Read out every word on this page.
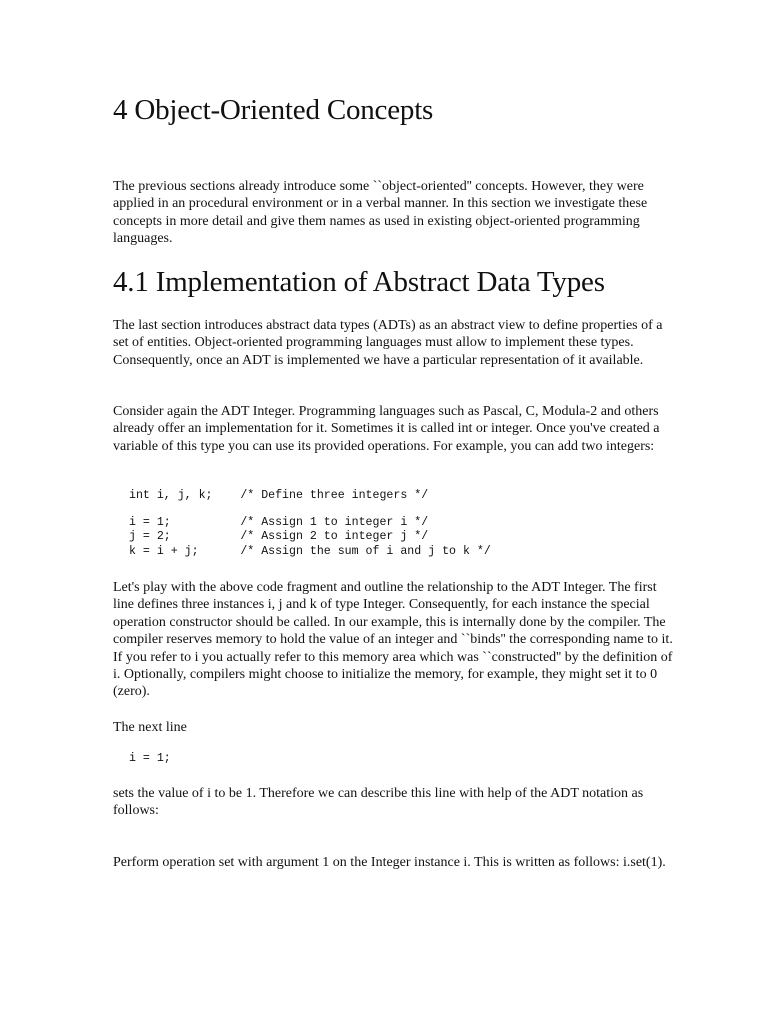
4 Object-Oriented Concepts

The previous sections already introduce some ``object-oriented'' concepts. However, they were applied in an procedural environment or in a verbal manner. In this section we investigate these concepts in more detail and give them names as used in existing object-oriented programming languages.

4.1 Implementation of Abstract Data Types

The last section introduces abstract data types (ADTs) as an abstract view to define properties of a set of entities. Object-oriented programming languages must allow to implement these types. Consequently, once an ADT is implemented we have a particular representation of it available.

Consider again the ADT Integer. Programming languages such as Pascal, C, Modula-2 and others already offer an implementation for it. Sometimes it is called int or integer. Once you've created a variable of this type you can use its provided operations. For example, you can add two integers:

int i, j, k;    /* Define three integers */
i = 1;          /* Assign 1 to integer i */
j = 2;          /* Assign 2 to integer j */
k = i + j;      /* Assign the sum of i and j to k */

Let's play with the above code fragment and outline the relationship to the ADT Integer. The first line defines three instances i, j and k of type Integer. Consequently, for each instance the special operation constructor should be called. In our example, this is internally done by the compiler. The compiler reserves memory to hold the value of an integer and ``binds'' the corresponding name to it. If you refer to i you actually refer to this memory area which was ``constructed'' by the definition of i. Optionally, compilers might choose to initialize the memory, for example, they might set it to 0 (zero).

The next line

i = 1;

sets the value of i to be 1. Therefore we can describe this line with help of the ADT notation as follows:

Perform operation set with argument 1 on the Integer instance i. This is written as follows: i.set(1).
